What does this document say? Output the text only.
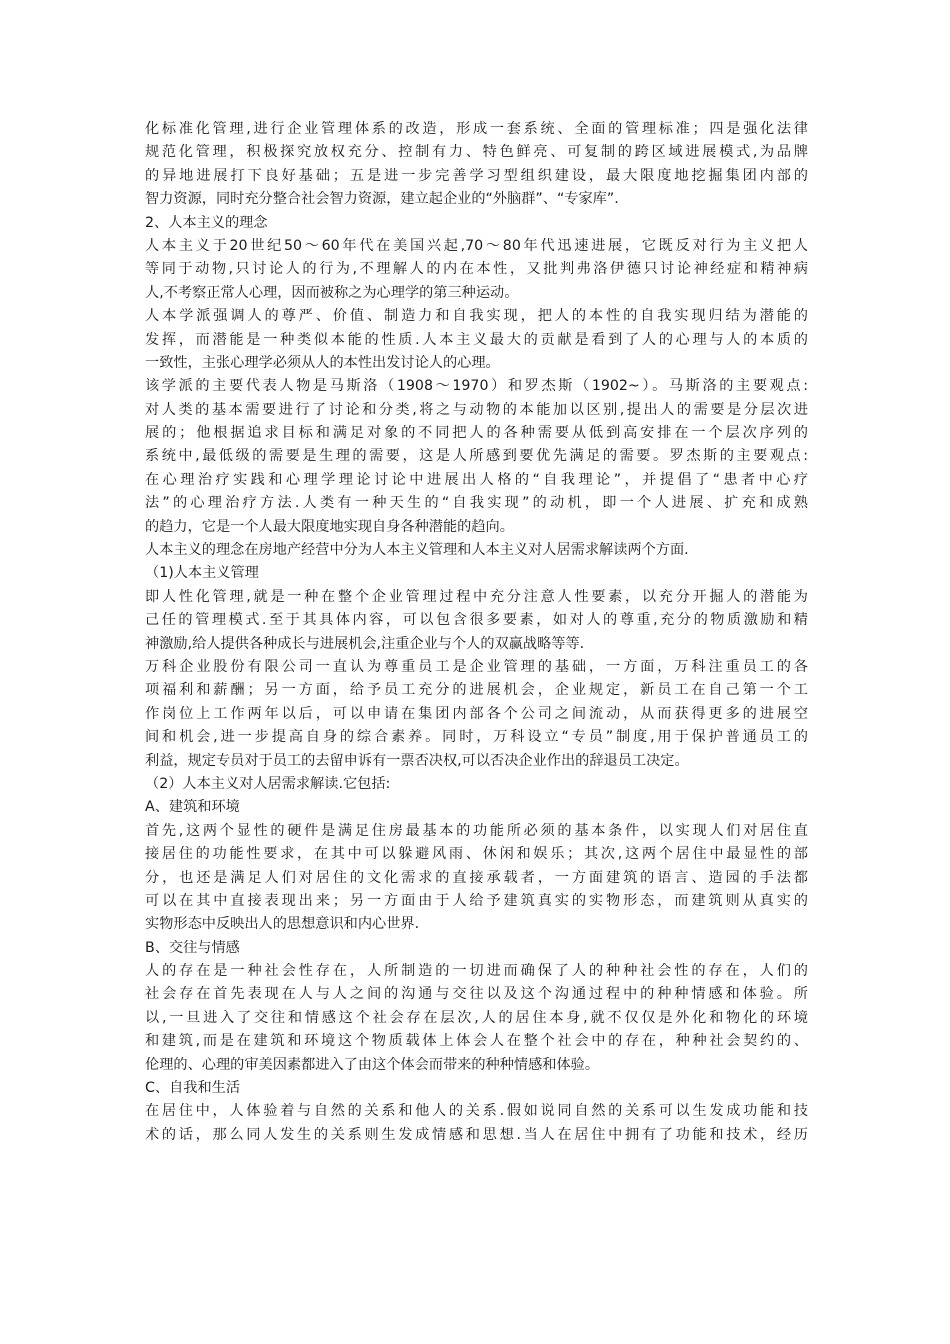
化标准化管理,进行企业管理体系的改造，形成一套系统、全面的管理标准；四是强化法律
规范化管理，积极探究放权充分、控制有力、特色鲜亮、可复制的跨区域进展模式,为品牌
的异地进展打下良好基础；五是进一步完善学习型组织建设，最大限度地挖掘集团内部的
智力资源，同时充分整合社会智力资源，建立起企业的“外脑群”、“专家库”.
2、人本主义的理念
人本主义于20世纪50～60年代在美国兴起,70～80年代迅速进展，它既反对行为主义把人
等同于动物,只讨论人的行为,不理解人的内在本性，又批判弗洛伊德只讨论神经症和精神病
人,不考察正常人心理，因而被称之为心理学的第三种运动。
人本学派强调人的尊严、价值、制造力和自我实现，把人的本性的自我实现归结为潜能的
发挥，而潜能是一种类似本能的性质.人本主义最大的贡献是看到了人的心理与人的本质的
一致性，主张心理学必须从人的本性出发讨论人的心理。
该学派的主要代表人物是马斯洛（1908～1970）和罗杰斯（1902~）。马斯洛的主要观点:
对人类的基本需要进行了讨论和分类,将之与动物的本能加以区别,提出人的需要是分层次进
展的；他根据追求目标和满足对象的不同把人的各种需要从低到高安排在一个层次序列的
系统中,最低级的需要是生理的需要，这是人所感到要优先满足的需要。罗杰斯的主要观点:
在心理治疗实践和心理学理论讨论中进展出人格的“自我理论”，并提倡了“患者中心疗
法”的心理治疗方法.人类有一种天生的“自我实现”的动机，即一个人进展、扩充和成熟
的趋力，它是一个人最大限度地实现自身各种潜能的趋向。
人本主义的理念在房地产经营中分为人本主义管理和人本主义对人居需求解读两个方面.
（1)人本主义管理
即人性化管理,就是一种在整个企业管理过程中充分注意人性要素，以充分开掘人的潜能为
己任的管理模式.至于其具体内容，可以包含很多要素，如对人的尊重,充分的物质激励和精
神激励,给人提供各种成长与进展机会,注重企业与个人的双赢战略等等.
万科企业股份有限公司一直认为尊重员工是企业管理的基础，一方面，万科注重员工的各
项福利和薪酬；另一方面，给予员工充分的进展机会，企业规定，新员工在自己第一个工
作岗位上工作两年以后，可以申请在集团内部各个公司之间流动，从而获得更多的进展空
间和机会,进一步提高自身的综合素养。同时，万科设立“专员”制度,用于保护普通员工的
利益，规定专员对于员工的去留申诉有一票否决权,可以否决企业作出的辞退员工决定。
（2）人本主义对人居需求解读.它包括:
A、建筑和环境
首先,这两个显性的硬件是满足住房最基本的功能所必须的基本条件，以实现人们对居住直
接居住的功能性要求，在其中可以躲避风雨、休闲和娱乐；其次,这两个居住中最显性的部
分，也还是满足人们对居住的文化需求的直接承载者，一方面建筑的语言、造园的手法都
可以在其中直接表现出来；另一方面由于人给予建筑真实的实物形态，而建筑则从真实的
实物形态中反映出人的思想意识和内心世界.
B、交往与情感
人的存在是一种社会性存在，人所制造的一切进而确保了人的种种社会性的存在，人们的
社会存在首先表现在人与人之间的沟通与交往以及这个沟通过程中的种种情感和体验。所
以,一旦进入了交往和情感这个社会存在层次,人的居住本身,就不仅仅是外化和物化的环境
和建筑,而是在建筑和环境这个物质载体上体会人在整个社会中的存在，种种社会契约的、
伦理的、心理的审美因素都进入了由这个体会而带来的种种情感和体验。
C、自我和生活
在居住中，人体验着与自然的关系和他人的关系.假如说同自然的关系可以生发成功能和技
术的话，那么同人发生的关系则生发成情感和思想.当人在居住中拥有了功能和技术，经历
